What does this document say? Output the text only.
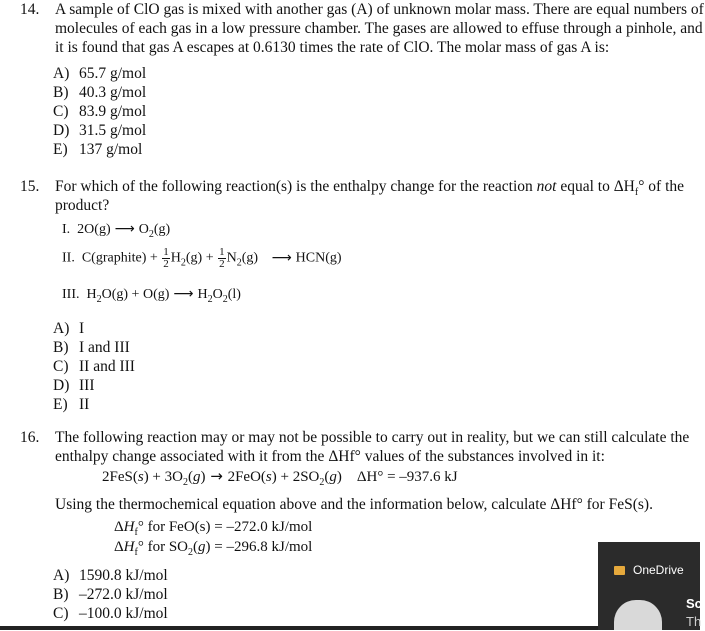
14. A sample of ClO gas is mixed with another gas (A) of unknown molar mass. There are equal numbers of molecules of each gas in a low pressure chamber. The gases are allowed to effuse through a pinhole, and it is found that gas A escapes at 0.6130 times the rate of ClO. The molar mass of gas A is:
A) 65.7 g/mol
B) 40.3 g/mol
C) 83.9 g/mol
D) 31.5 g/mol
E) 137 g/mol
15. For which of the following reaction(s) is the enthalpy change for the reaction not equal to $\Delta H_f^\circ$ of the product?
I.  2O(g) ⟶ $O_2(g)$
II.  C(graphite) + $\frac{1}{2} H_2(g) + \frac{1}{2} N_2(g)$ ⟶ HCN(g)
III.  $H_2O(g) + O(g)$ ⟶ $H_2O_2(l)$
A) I
B) I and III
C) II and III
D) III
E) II
16. The following reaction may or may not be possible to carry out in reality, but we can still calculate the enthalpy change associated with it from the ΔHf° values of the substances involved in it:
$2FeS(s) + 3O_2(g) \to 2FeO(s) + 2SO_2(g)$    ΔH° = –937.6 kJ
Using the thermochemical equation above and the information below, calculate ΔHf° for FeS(s).
$\Delta H_f^\circ$ for FeO(s) = –272.0 kJ/mol
$\Delta H_f^\circ$ for $SO_2(g) = -296.8$ kJ/mol
A) 1590.8 kJ/mol
B) –272.0 kJ/mol
C) –100.0 kJ/mol
OneDrive
Sc
Th
